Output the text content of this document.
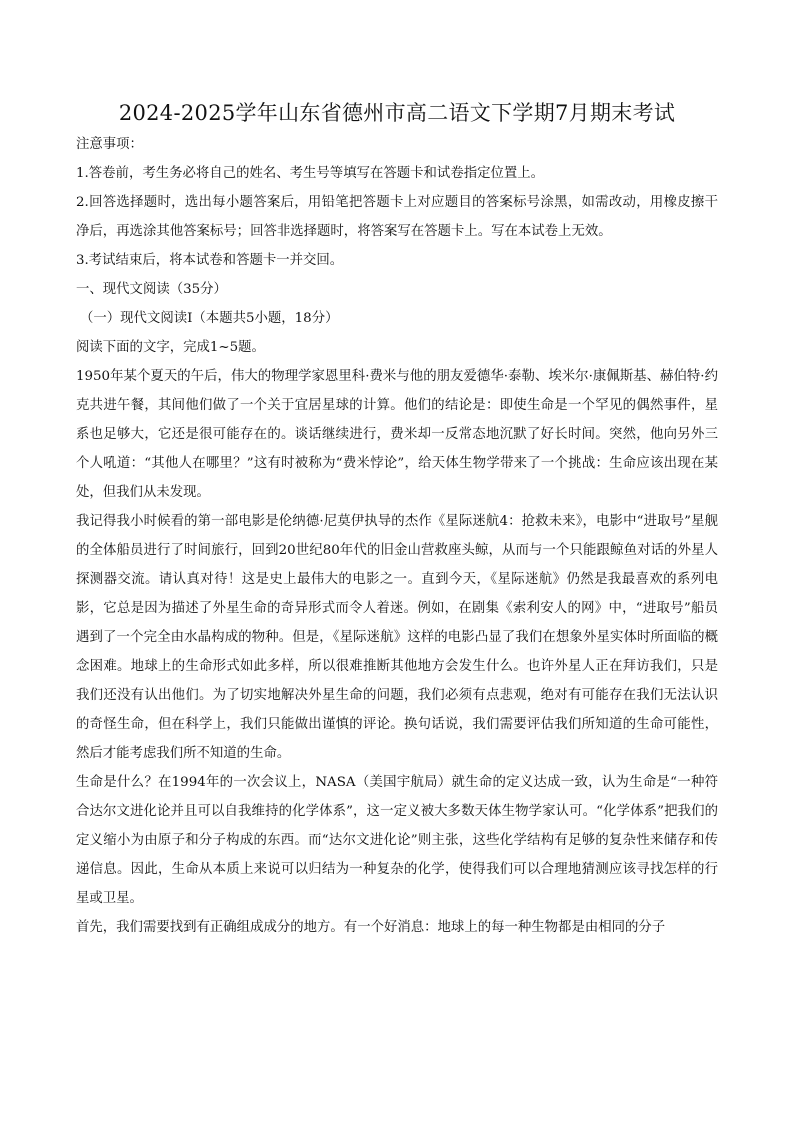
2024-2025学年山东省德州市高二语文下学期7月期末考试

注意事项：

1.答卷前，考生务必将自己的姓名、考生号等填写在答题卡和试卷指定位置上。

2.回答选择题时，选出每小题答案后，用铅笔把答题卡上对应题目的答案标号涂黑，如需改动，用橡皮擦干净后，再选涂其他答案标号；回答非选择题时，将答案写在答题卡上。写在本试卷上无效。

3.考试结束后，将本试卷和答题卡一并交回。

一、现代文阅读（35分）

（一）现代文阅读Ⅰ（本题共5小题，18分）

阅读下面的文字，完成1~5题。

1950年某个夏天的午后，伟大的物理学家恩里科·费米与他的朋友爱德华·泰勒、埃米尔·康佩斯基、赫伯特·约克共进午餐，其间他们做了一个关于宜居星球的计算。他们的结论是：即使生命是一个罕见的偶然事件，星系也足够大，它还是很可能存在的。谈话继续进行，费米却一反常态地沉默了好长时间。突然，他向另外三个人吼道：“其他人在哪里？”这有时被称为“费米悖论”，给天体生物学带来了一个挑战：生命应该出现在某处，但我们从未发现。

我记得我小时候看的第一部电影是伦纳德·尼莫伊执导的杰作《星际迷航4：抢救未来》，电影中“进取号”星舰的全体船员进行了时间旅行，回到20世纪80年代的旧金山营救座头鲸，从而与一个只能跟鲸鱼对话的外星人探测器交流。请认真对待！这是史上最伟大的电影之一。直到今天，《星际迷航》仍然是我最喜欢的系列电影，它总是因为描述了外星生命的奇异形式而令人着迷。例如，在剧集《索利安人的网》中，“进取号”船员遇到了一个完全由水晶构成的物种。但是，《星际迷航》这样的电影凸显了我们在想象外星实体时所面临的概念困难。地球上的生命形式如此多样，所以很难推断其他地方会发生什么。也许外星人正在拜访我们，只是我们还没有认出他们。为了切实地解决外星生命的问题，我们必须有点悲观，绝对有可能存在我们无法认识的奇怪生命，但在科学上，我们只能做出谨慎的评论。换句话说，我们需要评估我们所知道的生命可能性，然后才能考虑我们所不知道的生命。

生命是什么？在1994年的一次会议上，NASA（美国宇航局）就生命的定义达成一致，认为生命是“一种符合达尔文进化论并且可以自我维持的化学体系”，这一定义被大多数天体生物学家认可。“化学体系”把我们的定义缩小为由原子和分子构成的东西。而“达尔文进化论”则主张，这些化学结构有足够的复杂性来储存和传递信息。因此，生命从本质上来说可以归结为一种复杂的化学，使得我们可以合理地猜测应该寻找怎样的行星或卫星。

首先，我们需要找到有正确组成成分的地方。有一个好消息：地球上的每一种生物都是由相同的分子
